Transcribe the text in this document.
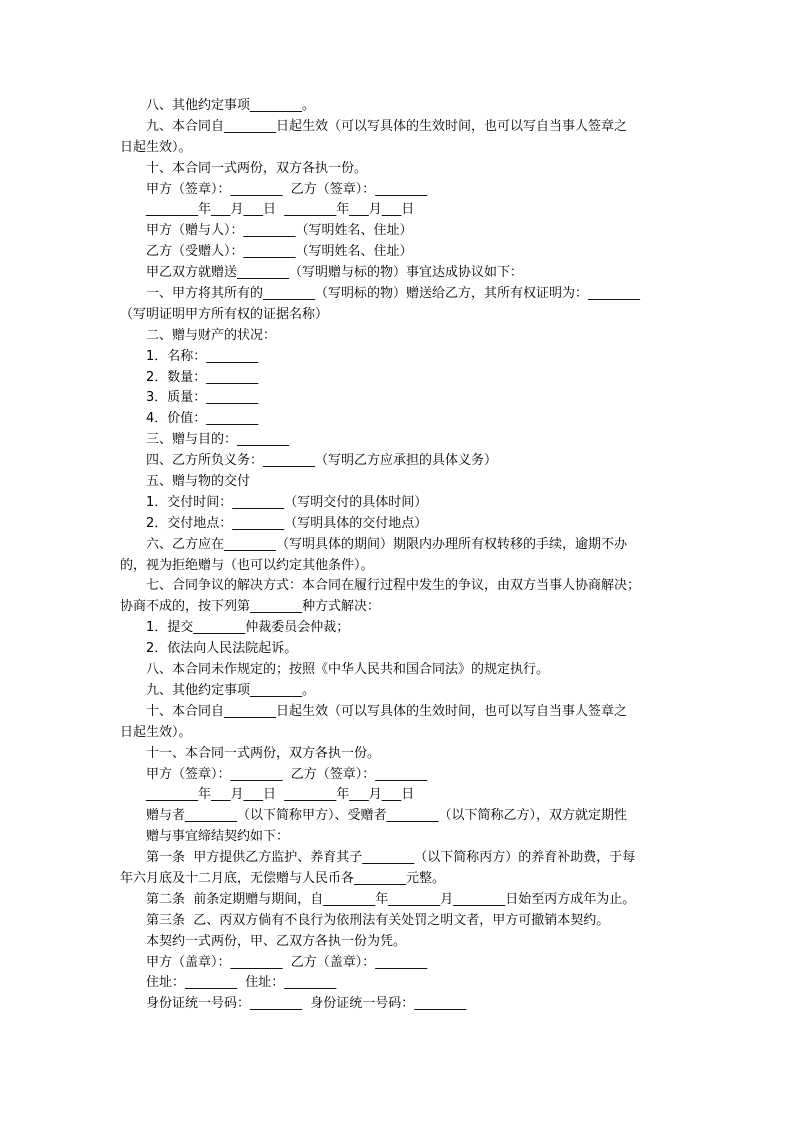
八、其他约定事项________。
九、本合同自________日起生效（可以写具体的生效时间，也可以写自当事人签章之
日起生效）。
十、本合同一式两份，双方各执一份。
甲方（签章）：________  乙方（签章）：________
________年___月___日  ________年___月___日
甲方（赠与人）：________（写明姓名、住址）
乙方（受赠人）：________（写明姓名、住址）
甲乙双方就赠送________（写明赠与标的物）事宜达成协议如下：
一、甲方将其所有的________（写明标的物）赠送给乙方，其所有权证明为：________
（写明证明甲方所有权的证据名称）
二、赠与财产的状况：
1．名称：________
2．数量：________
3．质量：________
4．价值：________
三、赠与目的：________
四、乙方所负义务：________（写明乙方应承担的具体义务）
五、赠与物的交付
1．交付时间：________（写明交付的具体时间）
2．交付地点：________（写明具体的交付地点）
六、乙方应在________（写明具体的期间）期限内办理所有权转移的手续，逾期不办
的，视为拒绝赠与（也可以约定其他条件）。
七、合同争议的解决方式：本合同在履行过程中发生的争议，由双方当事人协商解决；
协商不成的，按下列第________种方式解决：
1．提交________仲裁委员会仲裁；
2．依法向人民法院起诉。
八、本合同未作规定的；按照《中华人民共和国合同法》的规定执行。
九、其他约定事项________。
十、本合同自________日起生效（可以写具体的生效时间，也可以写自当事人签章之
日起生效）。
十一、本合同一式两份，双方各执一份。
甲方（签章）：________  乙方（签章）：________
________年___月___日  ________年___月___日
赠与者________（以下简称甲方）、受赠者________（以下简称乙方），双方就定期性
赠与事宜缔结契约如下：
第一条  甲方提供乙方监护、养育其子________（以下简称丙方）的养育补助费，于每
年六月底及十二月底，无偿赠与人民币各________元整。
第二条  前条定期赠与期间，自________年________月________日始至丙方成年为止。
第三条  乙、丙双方倘有不良行为依刑法有关处罚之明文者，甲方可撤销本契约。
本契约一式两份，甲、乙双方各执一份为凭。
甲方（盖章）：________  乙方（盖章）：________
住址：________  住址：________
身份证统一号码：________  身份证统一号码：________
